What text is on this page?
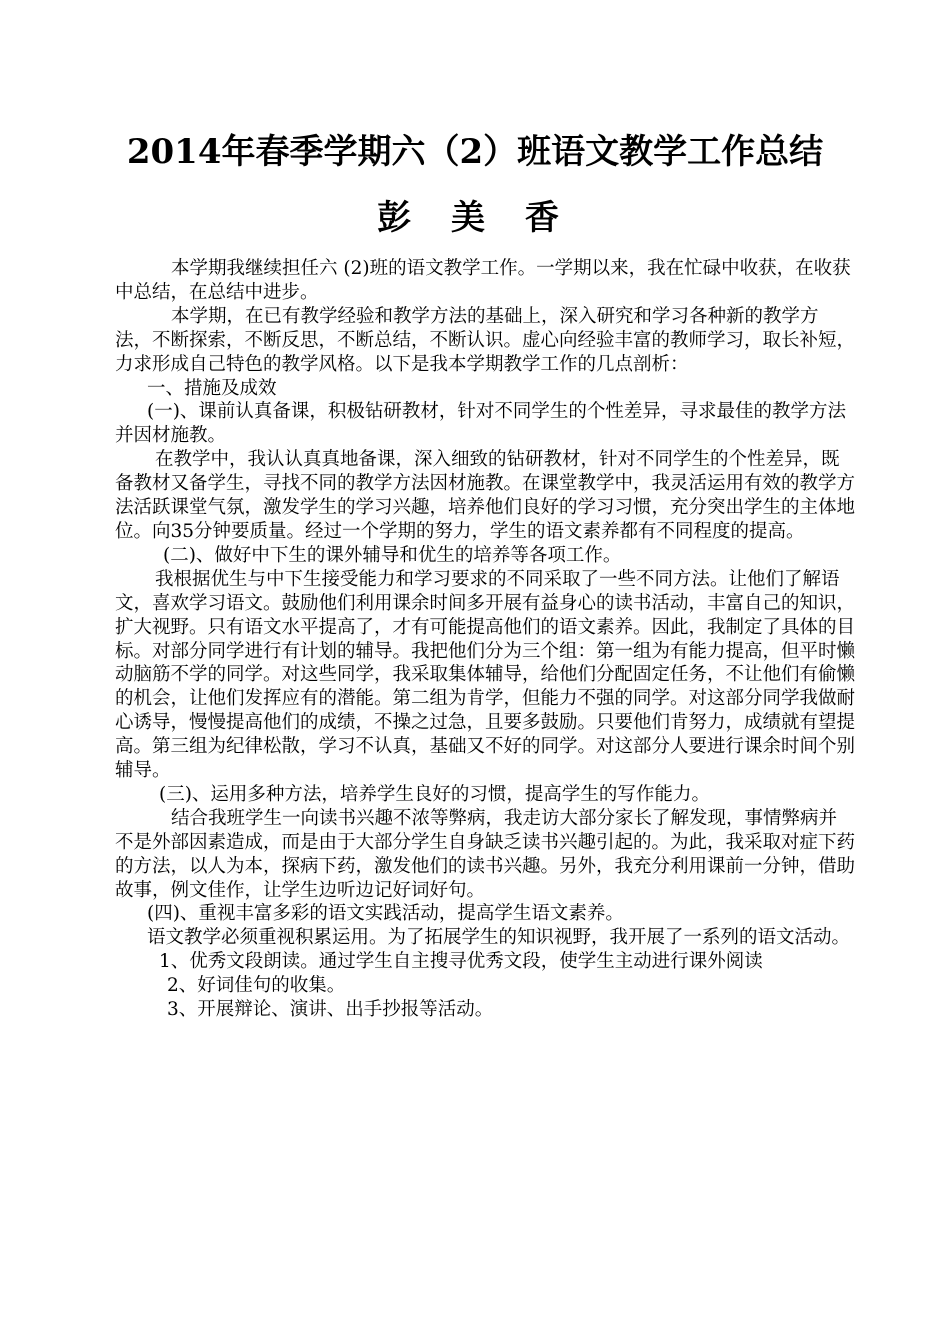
2014年春季学期六（2）班语文教学工作总结
彭 美 香

本学期我继续担任六 (2)班的语文教学工作。一学期以来，我在忙碌中收获，在收获中总结，在总结中进步。

本学期，在已有教学经验和教学方法的基础上，深入研究和学习各种新的教学方法，不断探索，不断反思，不断总结，不断认识。虚心向经验丰富的教师学习，取长补短，力求形成自己特色的教学风格。以下是我本学期教学工作的几点剖析：

一、措施及成效

(一)、课前认真备课，积极钻研教材，针对不同学生的个性差异，寻求最佳的教学方法并因材施教。

在教学中，我认认真真地备课，深入细致的钻研教材，针对不同学生的个性差异，既备教材又备学生，寻找不同的教学方法因材施教。在课堂教学中，我灵活运用有效的教学方法活跃课堂气氛，激发学生的学习兴趣，培养他们良好的学习习惯，充分突出学生的主体地位。向35分钟要质量。经过一个学期的努力，学生的语文素养都有不同程度的提高。

(二)、做好中下生的课外辅导和优生的培养等各项工作。

我根据优生与中下生接受能力和学习要求的不同采取了一些不同方法。让他们了解语文，喜欢学习语文。鼓励他们利用课余时间多开展有益身心的读书活动，丰富自己的知识，扩大视野。只有语文水平提高了，才有可能提高他们的语文素养。因此，我制定了具体的目标。对部分同学进行有计划的辅导。我把他们分为三个组：第一组为有能力提高，但平时懒动脑筋不学的同学。对这些同学，我采取集体辅导，给他们分配固定任务，不让他们有偷懒的机会，让他们发挥应有的潜能。第二组为肯学，但能力不强的同学。对这部分同学我做耐心诱导，慢慢提高他们的成绩，不操之过急，且要多鼓励。只要他们肯努力，成绩就有望提高。第三组为纪律松散，学习不认真，基础又不好的同学。对这部分人要进行课余时间个别辅导。

(三)、运用多种方法，培养学生良好的习惯，提高学生的写作能力。

结合我班学生一向读书兴趣不浓等弊病，我走访大部分家长了解发现，事情弊病并不是外部因素造成，而是由于大部分学生自身缺乏读书兴趣引起的。为此，我采取对症下药的方法，以人为本，探病下药，激发他们的读书兴趣。另外，我充分利用课前一分钟，借助故事，例文佳作，让学生边听边记好词好句。

(四)、重视丰富多彩的语文实践活动，提高学生语文素养。

语文教学必须重视积累运用。为了拓展学生的知识视野，我开展了一系列的语文活动。

1、优秀文段朗读。通过学生自主搜寻优秀文段，使学生主动进行课外阅读

2、好词佳句的收集。

3、开展辩论、演讲、出手抄报等活动。
